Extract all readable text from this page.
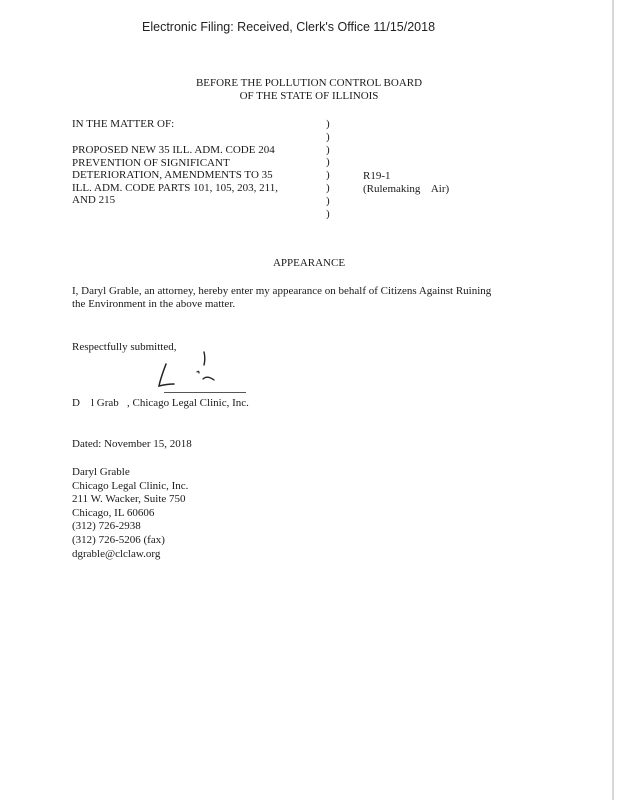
Electronic Filing: Received, Clerk's Office 11/15/2018
BEFORE THE POLLUTION CONTROL BOARD
OF THE STATE OF ILLINOIS
IN THE MATTER OF:
PROPOSED NEW 35 ILL. ADM. CODE 204
PREVENTION OF SIGNIFICANT
DETERIORATION, AMENDMENTS TO 35
ILL. ADM. CODE PARTS 101, 105, 203, 211,
AND 215
)
)
)
)
)
)
)
)
R19-1
(Rulemaking    Air)
APPEARANCE
I, Daryl Grable, an attorney, hereby enter my appearance on behalf of Citizens Against Ruining
the Environment in the above matter.
Respectfully submitted,
D    l Grab   , Chicago Legal Clinic, Inc.
Dated: November 15, 2018
Daryl Grable
Chicago Legal Clinic, Inc.
211 W. Wacker, Suite 750
Chicago, IL 60606
(312) 726-2938
(312) 726-5206 (fax)
dgrable@clclaw.org
